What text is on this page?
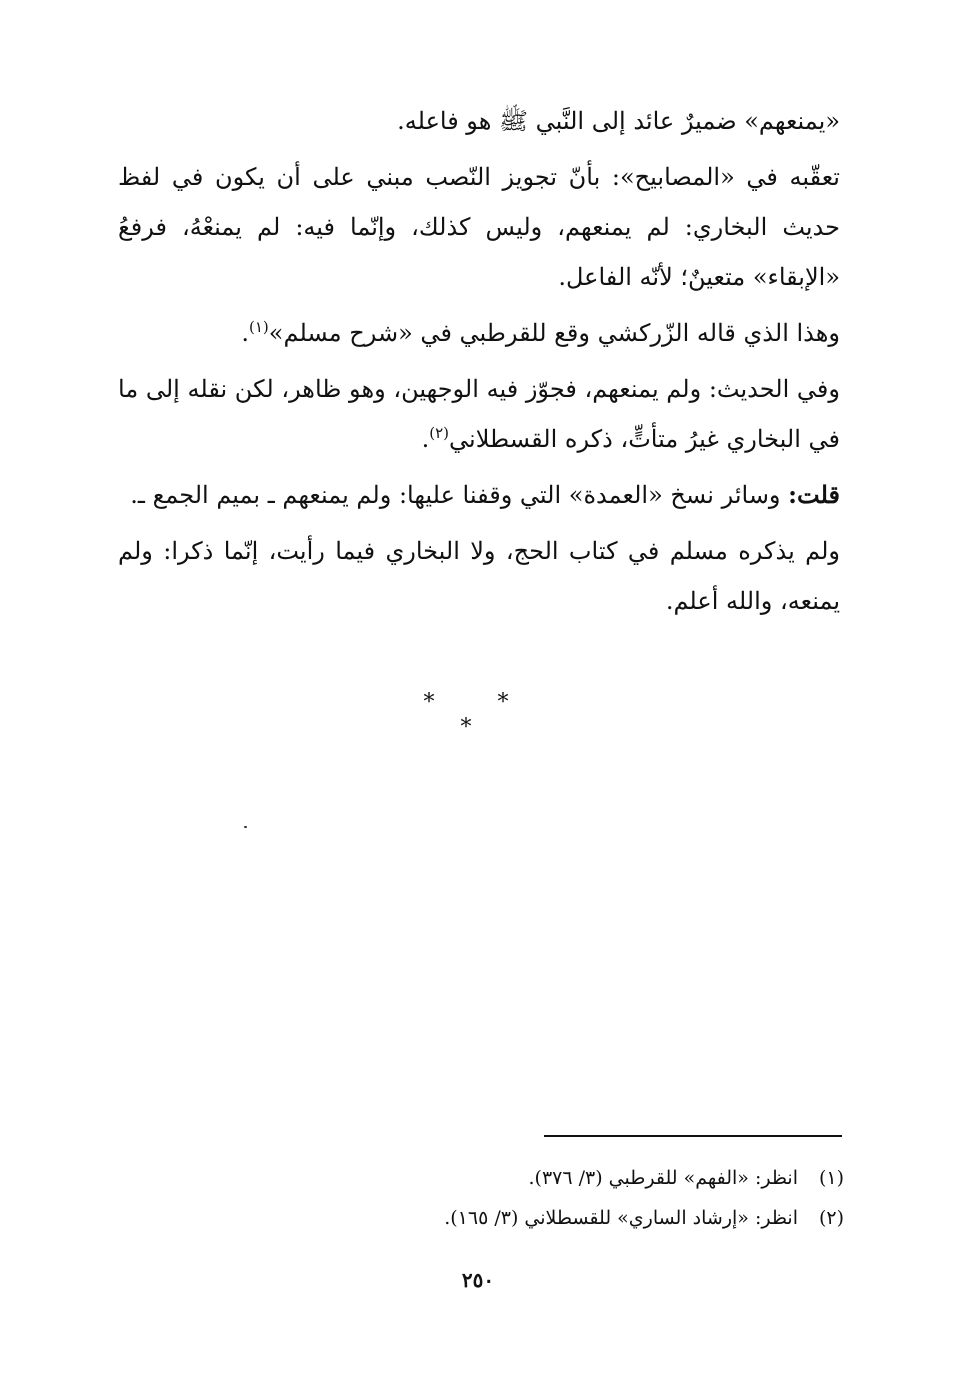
«يمنعهم» ضميرٌ عائد إلى النَّبي ﷺ هو فاعله.

تعقّبه في «المصابيح»: بأنّ تجويز النّصب مبني على أن يكون في لفظ حديث البخاري: لم يمنعهم، وليس كذلك، وإنّما فيه: لم يمنعْهُ، فرفعُ «الإبقاء» متعينٌ؛ لأنّه الفاعل.

وهذا الذي قاله الزّركشي وقع للقرطبي في «شرح مسلم»$^{(١)}$.

وفي الحديث: ولم يمنعهم، فجوّز فيه الوجهين، وهو ظاهر، لكن نقله إلى ما في البخاري غيرُ متأتٍّ، ذكره القسطلاني$^{(٢)}$.

قلت: وسائر نسخ «العمدة» التي وقفنا عليها: ولم يمنعهم ـ بميم الجمع ـ.

ولم يذكره مسلم في كتاب الحج، ولا البخاري فيما رأيت، إنّما ذكرا: ولم يمنعه، والله أعلم.

* * *
(١)انظر: «الفهم» للقرطبي (٣/ ٣٧٦).
(٢)انظر: «إرشاد الساري» للقسطلاني (٣/ ١٦٥).
٢٥٠
